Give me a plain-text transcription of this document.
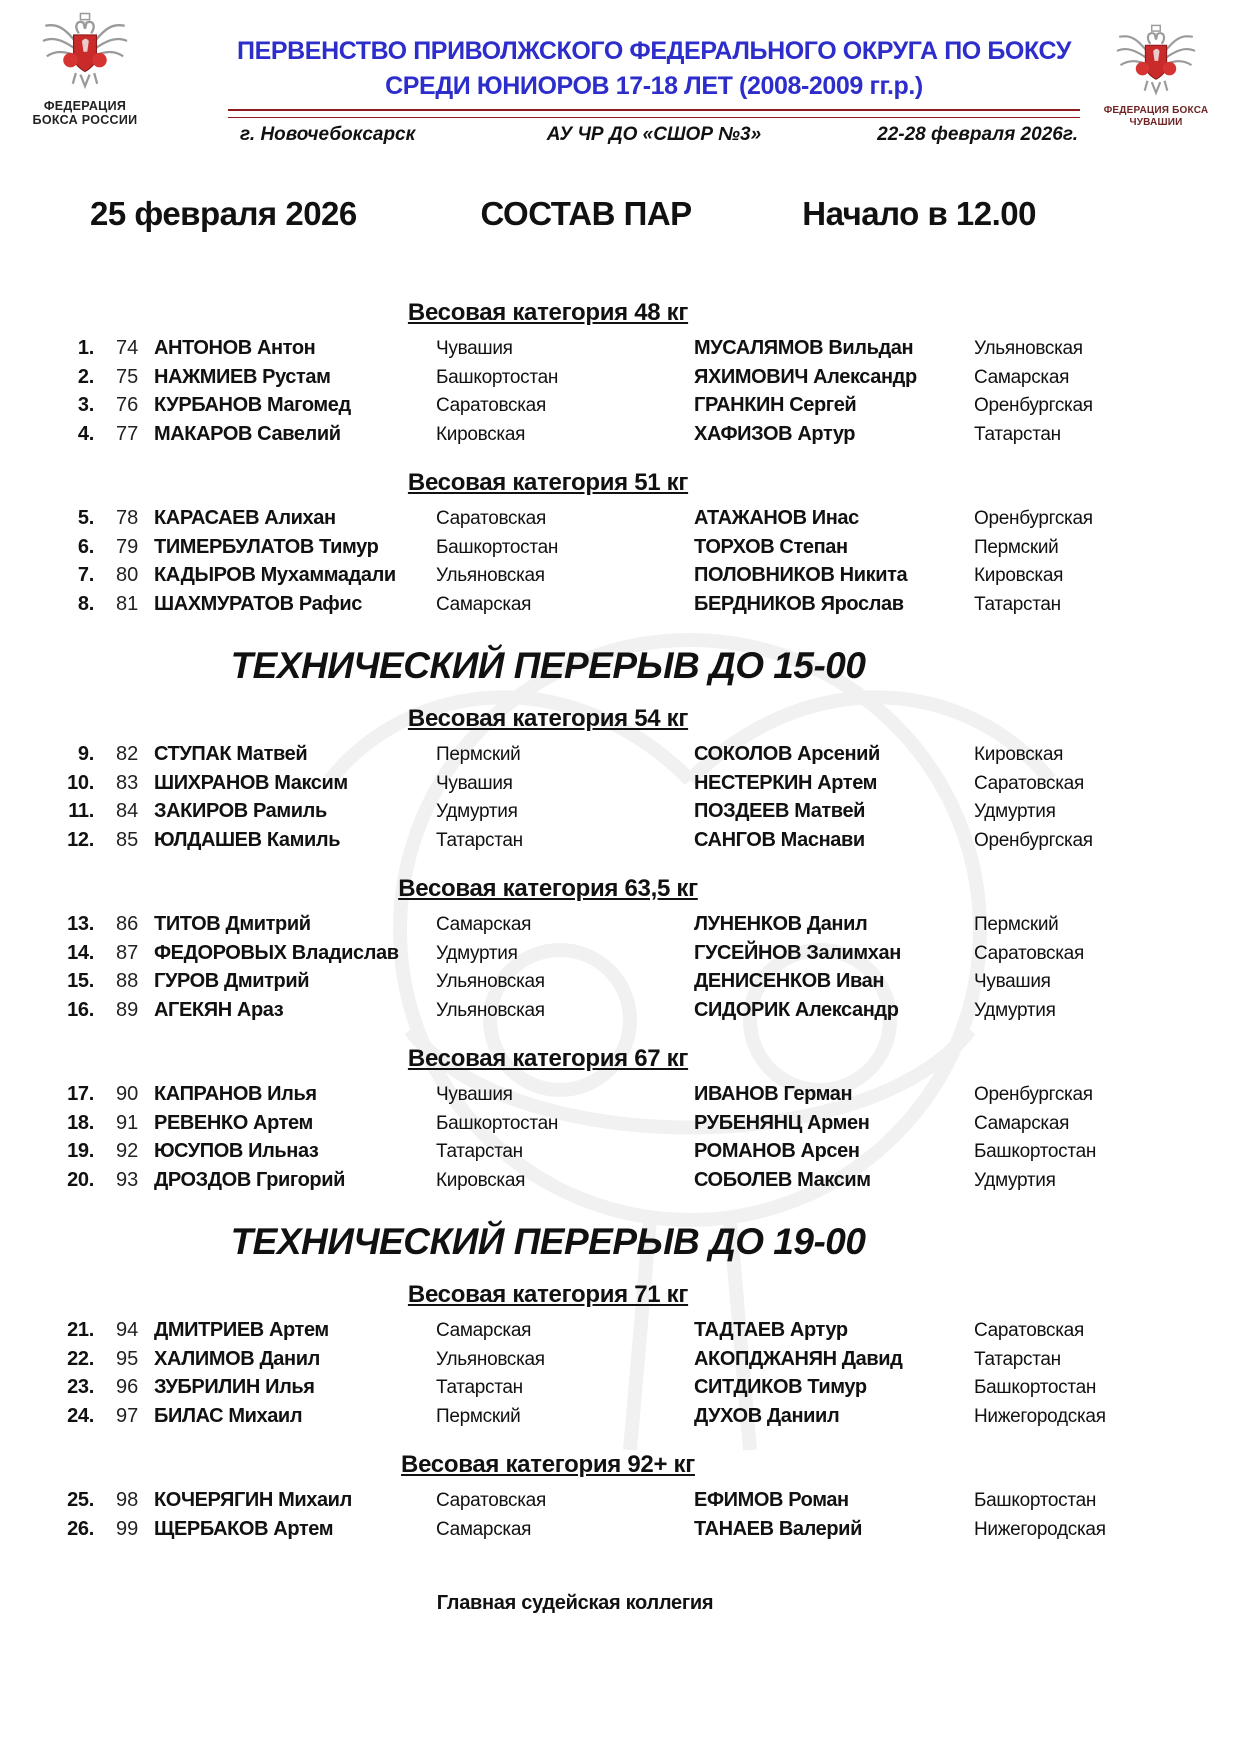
ФЕДЕРАЦИЯ
БОКСА РОССИИ
ПЕРВЕНСТВО ПРИВОЛЖСКОГО ФЕДЕРАЛЬНОГО ОКРУГА ПО БОКСУ
СРЕДИ ЮНИОРОВ 17-18 ЛЕТ (2008-2009 гг.р.)
г. Новочебоксарск	АУ ЧР ДО «СШОР №3»	22-28 февраля 2026г.
ФЕДЕРАЦИЯ БОКСА
ЧУВАШИИ
25 февраля 2026	СОСТАВ ПАР	Начало в 12.00
Весовая категория 48 кг
1.	74 АНТОНОВ Антон	Чувашия	МУСАЛЯМОВ Вильдан	Ульяновская
2.	75 НАЖМИЕВ Рустам	Башкортостан	ЯХИМОВИЧ Александр	Самарская
3.	76 КУРБАНОВ Магомед	Саратовская	ГРАНКИН Сергей	Оренбургская
4.	77 МАКАРОВ Савелий	Кировская	ХАФИЗОВ Артур	Татарстан
Весовая категория 51 кг
5.	78 КАРАСАЕВ Алихан	Саратовская	АТАЖАНОВ Инас	Оренбургская
6.	79 ТИМЕРБУЛАТОВ Тимур	Башкортостан	ТОРХОВ Степан	Пермский
7.	80 КАДЫРОВ Мухаммадали	Ульяновская	ПОЛОВНИКОВ Никита	Кировская
8.	81 ШАХМУРАТОВ Рафис	Самарская	БЕРДНИКОВ Ярослав	Татарстан
ТЕХНИЧЕСКИЙ ПЕРЕРЫВ ДО 15-00
Весовая категория 54 кг
9.	82 СТУПАК Матвей	Пермский	СОКОЛОВ Арсений	Кировская
10.	83 ШИХРАНОВ Максим	Чувашия	НЕСТЕРКИН Артем	Саратовская
11.	84 ЗАКИРОВ Рамиль	Удмуртия	ПОЗДЕЕВ Матвей	Удмуртия
12.	85 ЮЛДАШЕВ Камиль	Татарстан	САНГОВ Маснави	Оренбургская
Весовая категория 63,5 кг
13.	86 ТИТОВ Дмитрий	Самарская	ЛУНЕНКОВ Данил	Пермский
14.	87 ФЕДОРОВЫХ Владислав	Удмуртия	ГУСЕЙНОВ Залимхан	Саратовская
15.	88 ГУРОВ Дмитрий	Ульяновская	ДЕНИСЕНКОВ Иван	Чувашия
16.	89 АГЕКЯН Араз	Ульяновская	СИДОРИК Александр	Удмуртия
Весовая категория 67 кг
17.	90 КАПРАНОВ Илья	Чувашия	ИВАНОВ Герман	Оренбургская
18.	91 РЕВЕНКО Артем	Башкортостан	РУБЕНЯНЦ Армен	Самарская
19.	92 ЮСУПОВ Ильназ	Татарстан	РОМАНОВ Арсен	Башкортостан
20.	93 ДРОЗДОВ Григорий	Кировская	СОБОЛЕВ Максим	Удмуртия
ТЕХНИЧЕСКИЙ ПЕРЕРЫВ ДО 19-00
Весовая категория 71 кг
21.	94 ДМИТРИЕВ Артем	Самарская	ТАДТАЕВ Артур	Саратовская
22.	95 ХАЛИМОВ Данил	Ульяновская	АКОПДЖАНЯН Давид	Татарстан
23.	96 ЗУБРИЛИН Илья	Татарстан	СИТДИКОВ Тимур	Башкортостан
24.	97 БИЛАС Михаил	Пермский	ДУХОВ Даниил	Нижегородская
Весовая категория 92+ кг
25.	98 КОЧЕРЯГИН Михаил	Саратовская	ЕФИМОВ Роман	Башкортостан
26.	99 ЩЕРБАКОВ Артем	Самарская	ТАНАЕВ Валерий	Нижегородская
Главная судейская коллегия
